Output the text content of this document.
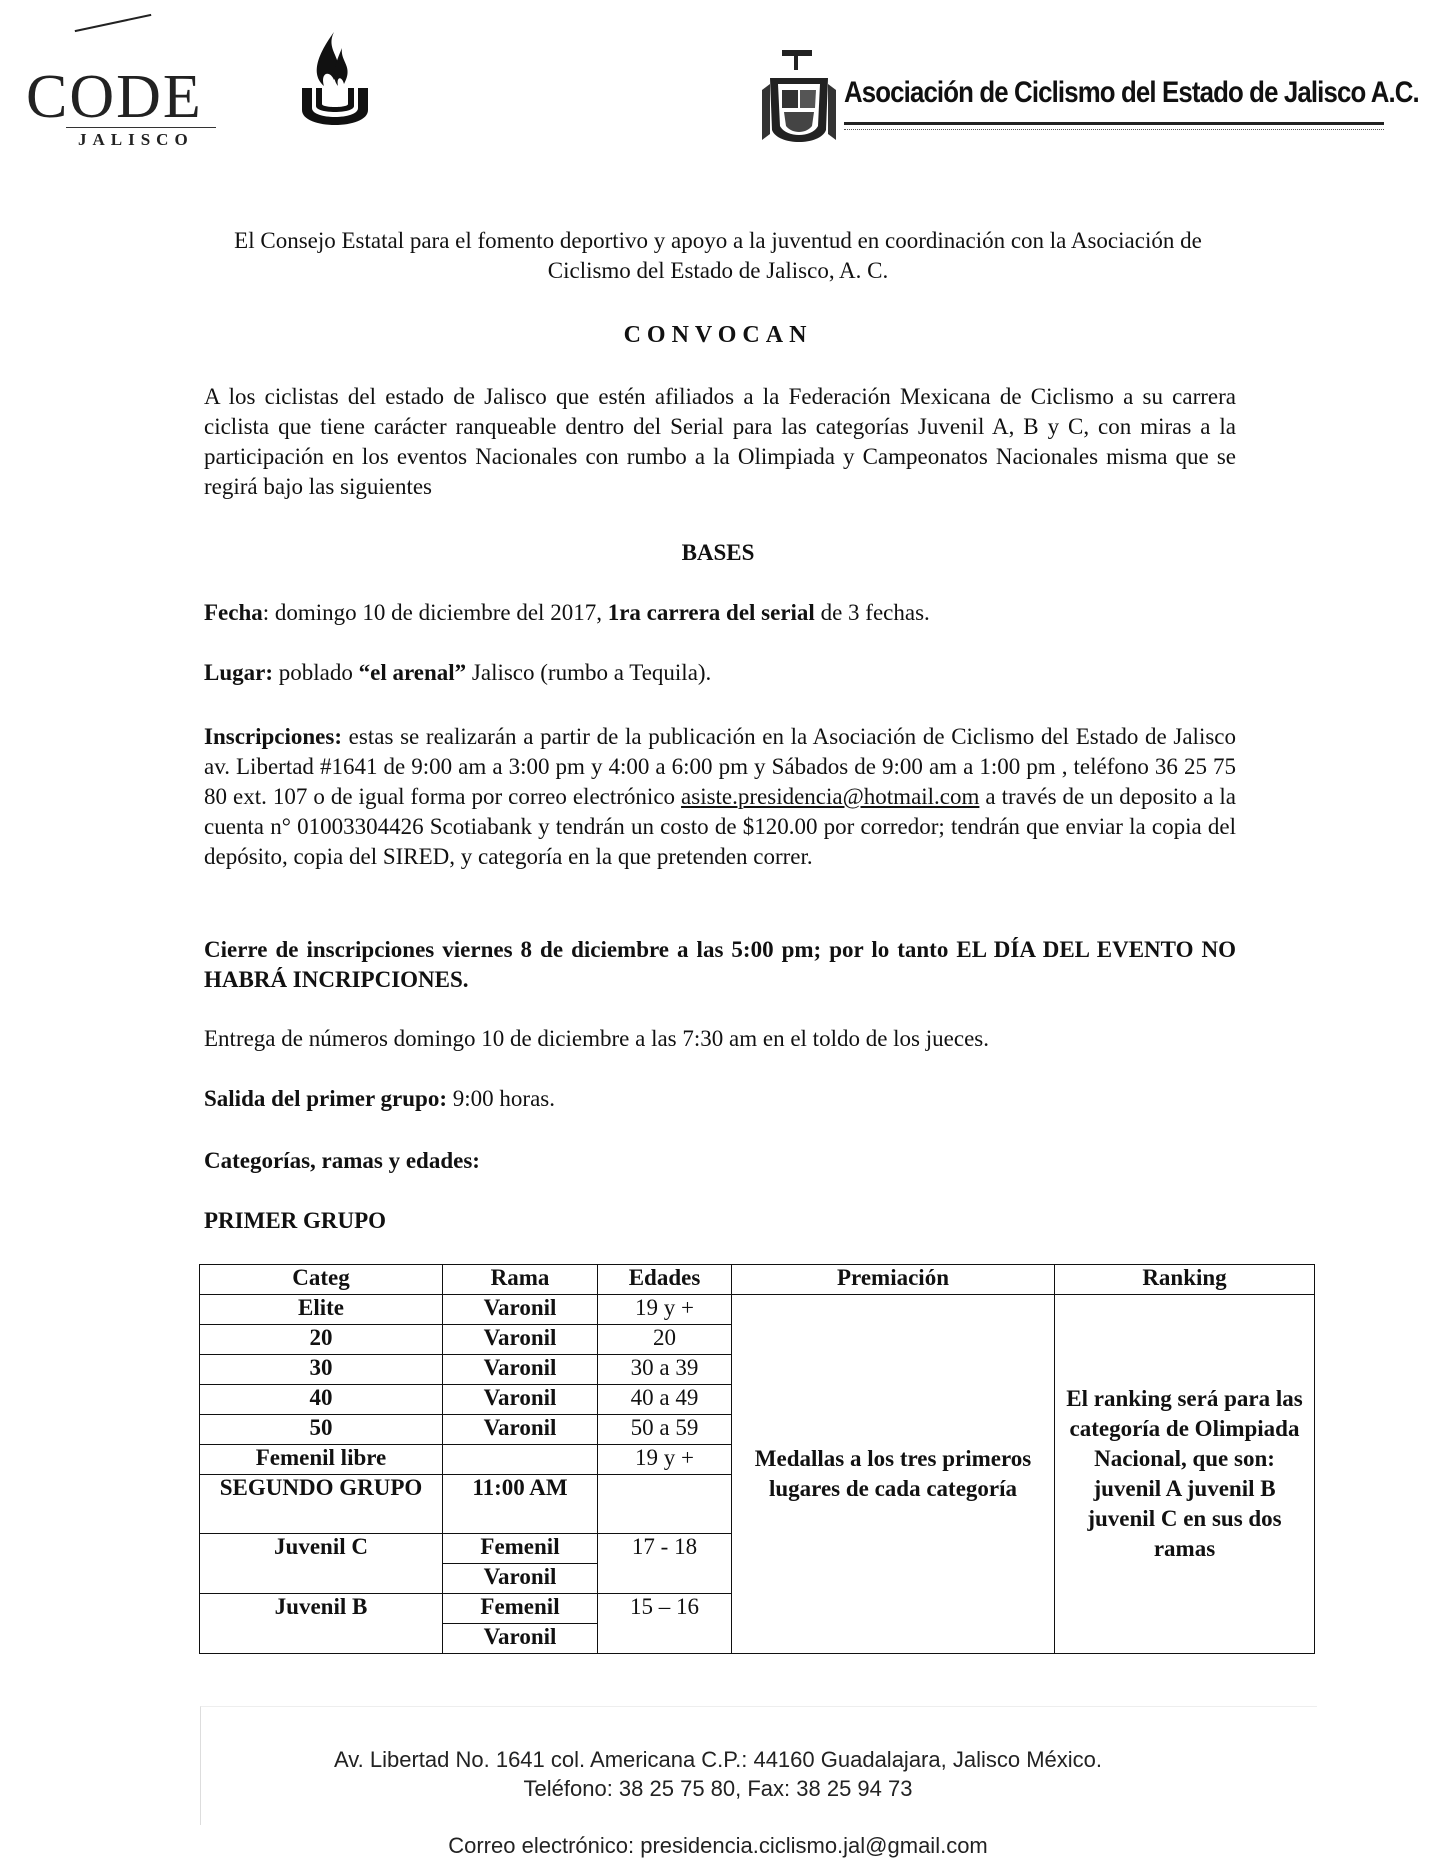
CODE
JALISCO
Asociación de Ciclismo del Estado de Jalisco A.C.
El Consejo Estatal para el fomento deportivo y apoyo a la juventud en coordinación con la Asociación de Ciclismo del Estado de Jalisco, A. C.
CONVOCAN
A los ciclistas del estado de Jalisco que estén afiliados a la Federación Mexicana de Ciclismo a su carrera ciclista que tiene carácter ranqueable dentro del Serial para las categorías Juvenil A, B y C, con miras a la participación en los eventos Nacionales con rumbo a la Olimpiada y Campeonatos Nacionales misma que se regirá bajo las siguientes
BASES
Fecha: domingo 10 de diciembre del 2017, 1ra carrera del serial de 3 fechas.
Lugar: poblado “el arenal” Jalisco (rumbo a Tequila).
Inscripciones: estas se realizarán a partir de la publicación en la Asociación de Ciclismo del Estado de Jalisco av. Libertad #1641 de 9:00 am a 3:00 pm y 4:00 a 6:00 pm y Sábados de 9:00 am a 1:00 pm , teléfono 36 25 75 80 ext. 107 o de igual forma por correo electrónico asiste.presidencia@hotmail.com a través de un deposito a la cuenta n° 01003304426 Scotiabank y tendrán un costo de $120.00 por corredor; tendrán que enviar la copia del depósito, copia del SIRED, y categoría en la que pretenden correr.
Cierre de inscripciones viernes 8 de diciembre a las 5:00 pm; por lo tanto EL DÍA DEL EVENTO NO HABRÁ INCRIPCIONES.
Entrega de números domingo 10 de diciembre a las 7:30 am en el toldo de los jueces.
Salida del primer grupo: 9:00 horas.
Categorías, ramas y edades:
PRIMER GRUPO
Categ	Rama	Edades	Premiación	Ranking
Elite	Varonil	19 y +	Medallas a los tres primeros lugares de cada categoría	El ranking será para las categoría de Olimpiada Nacional, que son: juvenil A juvenil B juvenil C en sus dos ramas
20	Varonil	20		
30	Varonil	30 a 39		
40	Varonil	40 a 49		
50	Varonil	50 a 59		
Femenil libre		19 y +		
SEGUNDO GRUPO	11:00 AM			
Juvenil C	Femenil	17 - 18		
	Varonil			
Juvenil B	Femenil	15 – 16		
	Varonil			
Av. Libertad No. 1641 col. Americana C.P.: 44160 Guadalajara, Jalisco México.
Teléfono: 38 25 75 80, Fax: 38 25 94 73
Correo electrónico: presidencia.ciclismo.jal@gmail.com
